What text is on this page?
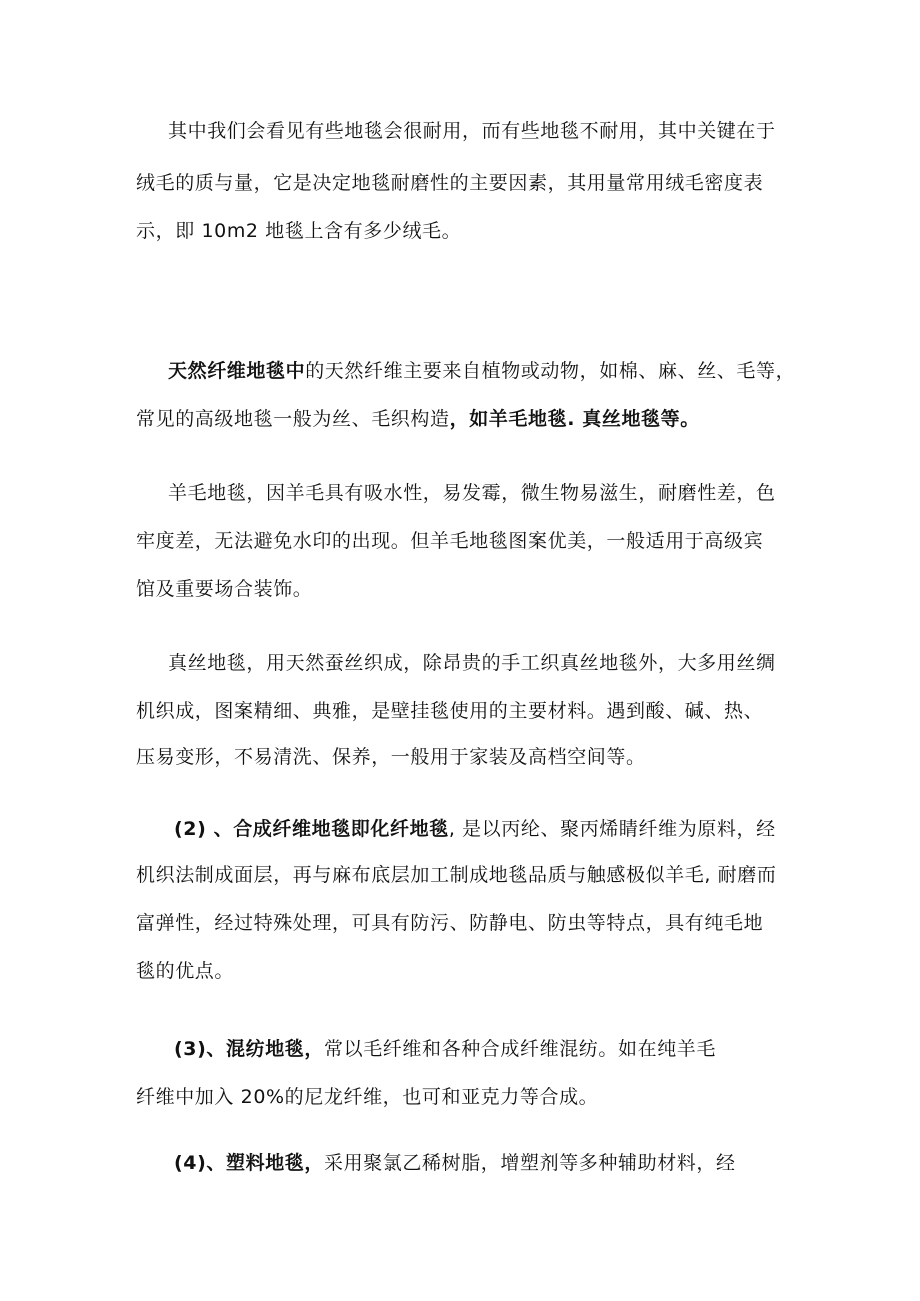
其中我们会看见有些地毯会很耐用，而有些地毯不耐用，其中关键在于
绒毛的质与量，它是决定地毯耐磨性的主要因素，其用量常用绒毛密度表
示，即 10m2 地毯上含有多少绒毛。
天然纤维地毯中的天然纤维主要来自植物或动物，如棉、麻、丝、毛等，
常见的高级地毯一般为丝、毛织构造，如羊毛地毯. 真丝地毯等。
羊毛地毯，因羊毛具有吸水性，易发霉，微生物易滋生，耐磨性差，色
牢度差，无法避免水印的出现。但羊毛地毯图案优美，一般适用于高级宾
馆及重要场合装饰。
真丝地毯，用天然蚕丝织成，除昂贵的手工织真丝地毯外，大多用丝绸
机织成，图案精细、典雅，是壁挂毯使用的主要材料。遇到酸、碱、热、
压易变形，不易清洗、保养，一般用于家装及高档空间等。
(2) 、合成纤维地毯即化纤地毯, 是以丙纶、聚丙烯睛纤维为原料，经
机织法制成面层，再与麻布底层加工制成地毯品质与触感极似羊毛, 耐磨而
富弹性，经过特殊处理，可具有防污、防静电、防虫等特点，具有纯毛地
毯的优点。
(3)、混纺地毯，常以毛纤维和各种合成纤维混纺。如在纯羊毛
纤维中加入 20%的尼龙纤维，也可和亚克力等合成。
(4)、塑料地毯，采用聚氯乙稀树脂，增塑剂等多种辅助材料，经
